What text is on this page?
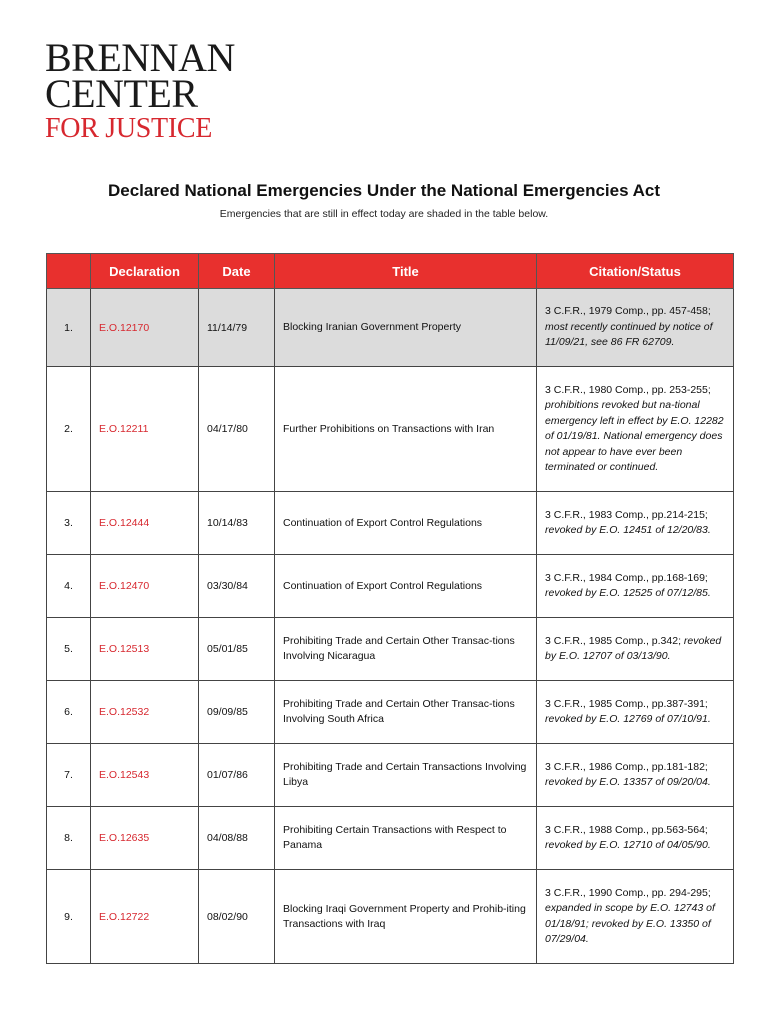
BRENNAN
CENTER
FOR JUSTICE
Declared National Emergencies Under the National Emergencies Act
Emergencies that are still in effect today are shaded in the table below.
	Declaration	Date	Title	Citation/Status
1.	E.O.12170	11/14/79	Blocking Iranian Government Property	3 C.F.R., 1979 Comp., pp. 457-458; most recently continued by notice of 11/09/21, see 86 FR 62709.
2.	E.O.12211	04/17/80	Further Prohibitions on Transactions with Iran	3 C.F.R., 1980 Comp., pp. 253-255; prohibitions revoked but na-tional emergency left in effect by E.O. 12282 of 01/19/81. National emergency does not appear to have ever been terminated or continued.
3.	E.O.12444	10/14/83	Continuation of Export Control Regulations	3 C.F.R., 1983 Comp., pp.214-215; revoked by E.O. 12451 of 12/20/83.
4.	E.O.12470	03/30/84	Continuation of Export Control Regulations	3 C.F.R., 1984 Comp., pp.168-169; revoked by E.O. 12525 of 07/12/85.
5.	E.O.12513	05/01/85	Prohibiting Trade and Certain Other Transac-tions Involving Nicaragua	3 C.F.R., 1985 Comp., p.342; revoked by E.O. 12707 of 03/13/90.
6.	E.O.12532	09/09/85	Prohibiting Trade and Certain Other Transac-tions Involving South Africa	3 C.F.R., 1985 Comp., pp.387-391; revoked by E.O. 12769 of 07/10/91.
7.	E.O.12543	01/07/86	Prohibiting Trade and Certain Transactions Involving Libya	3 C.F.R., 1986 Comp., pp.181-182; revoked by E.O. 13357 of 09/20/04.
8.	E.O.12635	04/08/88	Prohibiting Certain Transactions with Respect to Panama	3 C.F.R., 1988 Comp., pp.563-564; revoked by E.O. 12710 of 04/05/90.
9.	E.O.12722	08/02/90	Blocking Iraqi Government Property and Prohib-iting Transactions with Iraq	3 C.F.R., 1990 Comp., pp. 294-295; expanded in scope by E.O. 12743 of 01/18/91; revoked by E.O. 13350 of 07/29/04.
